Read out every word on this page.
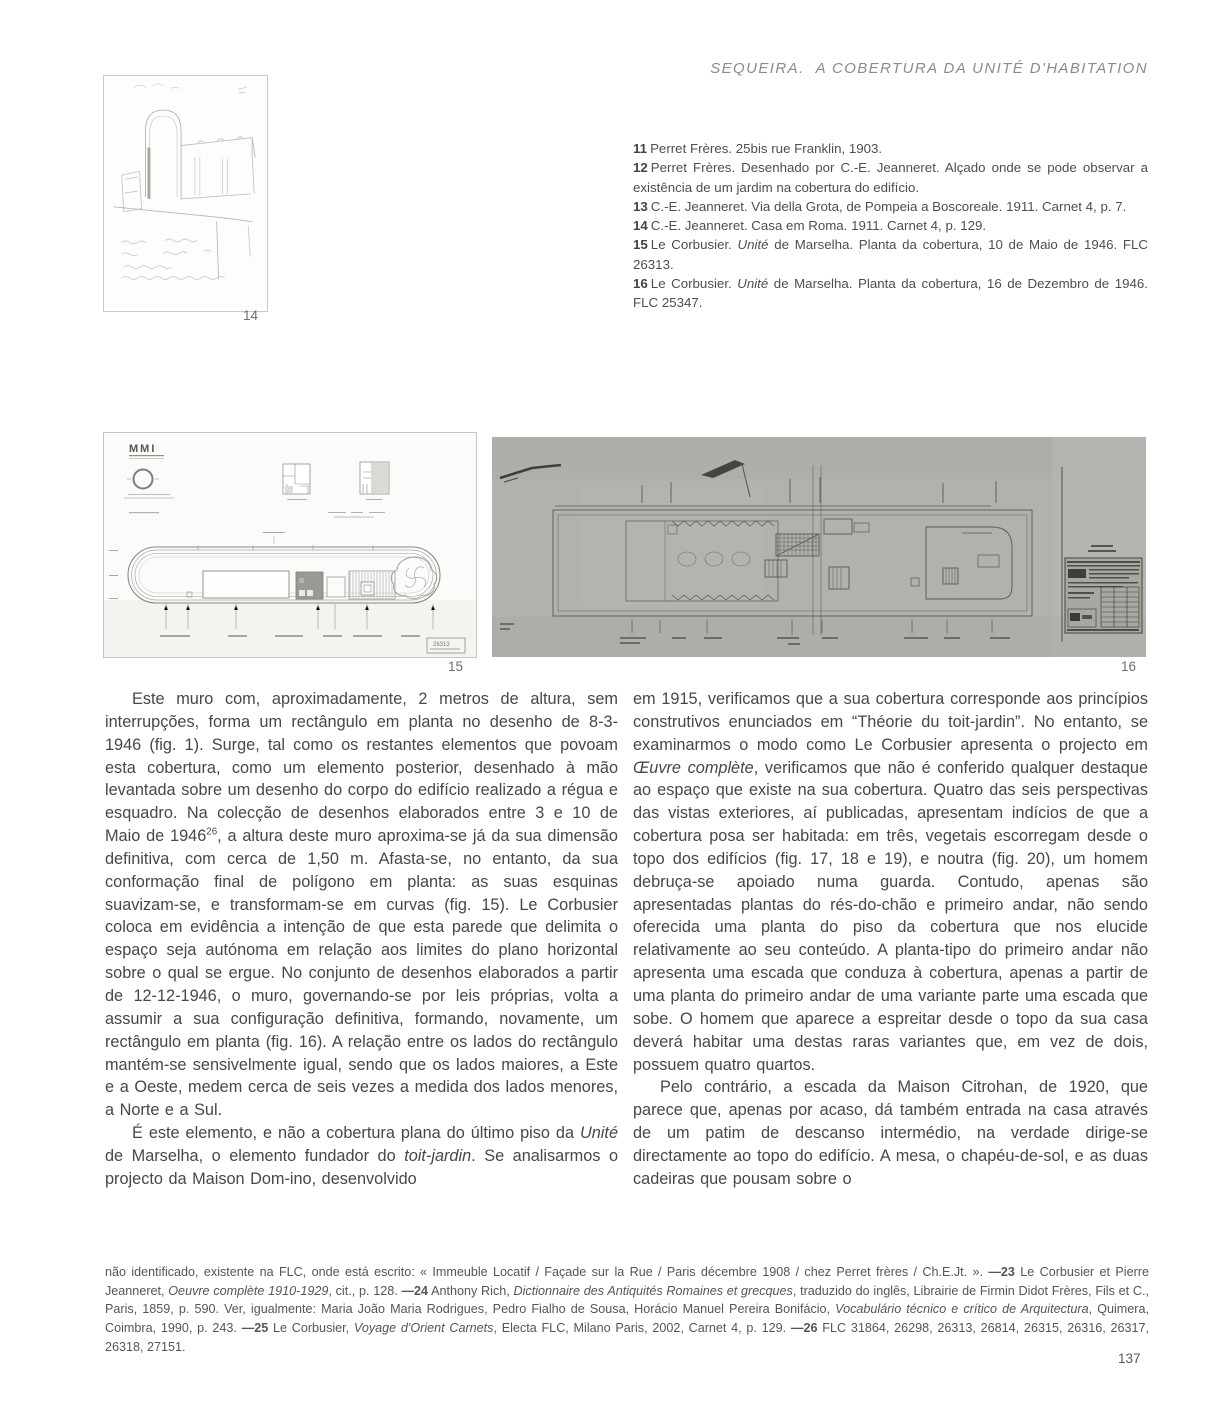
SEQUEIRA. A COBERTURA DA UNITÉ D'HABITATION
14
MMI
26313
15	16
11 Perret Frères. 25bis rue Franklin, 1903.
12 Perret Frères. Desenhado por C.-E. Jeanneret. Alçado onde se pode observar a existência de um jardim na cobertura do edifício.
13 C.-E. Jeanneret. Via della Grota, de Pompeia a Boscoreale. 1911. Carnet 4, p. 7.
14 C.-E. Jeanneret. Casa em Roma. 1911. Carnet 4, p. 129.
15 Le Corbusier. Unité de Marselha. Planta da cobertura, 10 de Maio de 1946. FLC 26313.
16 Le Corbusier. Unité de Marselha. Planta da cobertura, 16 de Dezembro de 1946. FLC 25347.

Este muro com, aproximadamente, 2 metros de altura, sem interrupções, forma um rectângulo em planta no desenho de 8-3-1946 (fig. 1). Surge, tal como os restantes elementos que povoam esta cobertura, como um elemento posterior, desenhado à mão levantada sobre um desenho do corpo do edifício realizado a régua e esquadro. Na colecção de desenhos elaborados entre 3 e 10 de Maio de 1946$^{26}$, a altura deste muro aproxima-se já da sua dimensão definitiva, com cerca de 1,50 m. Afasta-se, no entanto, da sua conformação final de polígono em planta: as suas esquinas suavizam-se, e transformam-se em curvas (fig. 15). Le Corbusier coloca em evidência a intenção de que esta parede que delimita o espaço seja autónoma em relação aos limites do plano horizontal sobre o qual se ergue. No conjunto de desenhos elaborados a partir de 12-12-1946, o muro, governando-se por leis próprias, volta a assumir a sua configuração definitiva, formando, novamente, um rectângulo em planta (fig. 16). A relação entre os lados do rectângulo mantém-se sensivelmente igual, sendo que os lados maiores, a Este e a Oeste, medem cerca de seis vezes a medida dos lados menores, a Norte e a Sul.

É este elemento, e não a cobertura plana do último piso da Unité de Marselha, o elemento fundador do toit-jardin. Se analisarmos o projecto da Maison Dom-ino, desenvolvido

em 1915, verificamos que a sua cobertura corresponde aos princípios construtivos enunciados em “Théorie du toit-jardin”. No entanto, se examinarmos o modo como Le Corbusier apresenta o projecto em Œuvre complète, verificamos que não é conferido qualquer destaque ao espaço que existe na sua cobertura. Quatro das seis perspectivas das vistas exteriores, aí publicadas, apresentam indícios de que a cobertura posa ser habitada: em três, vegetais escorregam desde o topo dos edifícios (fig. 17, 18 e 19), e noutra (fig. 20), um homem debruça-se apoiado numa guarda. Contudo, apenas são apresentadas plantas do rés-do-chão e primeiro andar, não sendo oferecida uma planta do piso da cobertura que nos elucide relativamente ao seu conteúdo. A planta-tipo do primeiro andar não apresenta uma escada que conduza à cobertura, apenas a partir de uma planta do primeiro andar de uma variante parte uma escada que sobe. O homem que aparece a espreitar desde o topo da sua casa deverá habitar uma destas raras variantes que, em vez de dois, possuem quatro quartos.

Pelo contrário, a escada da Maison Citrohan, de 1920, que parece que, apenas por acaso, dá também entrada na casa através de um patim de descanso intermédio, na verdade dirige-se directamente ao topo do edifício. A mesa, o chapéu-de-sol, e as duas cadeiras que pousam sobre o

não identificado, existente na FLC, onde está escrito: « Immeuble Locatif / Façade sur la Rue / Paris décembre 1908 / chez Perret frères / Ch.E.Jt. ». —23 Le Corbusier et Pierre Jeanneret, Oeuvre complète 1910-1929, cit., p. 128. —24 Anthony Rich, Dictionnaire des Antiquités Romaines et grecques, traduzido do inglês, Librairie de Firmin Didot Frères, Fils et C., Paris, 1859, p. 590. Ver, igualmente: Maria João Maria Rodrigues, Pedro Fialho de Sousa, Horácio Manuel Pereira Bonifácio, Vocabulário técnico e crítico de Arquitectura, Quimera, Coimbra, 1990, p. 243. —25 Le Corbusier, Voyage d'Orient Carnets, Electa FLC, Milano Paris, 2002, Carnet 4, p. 129. —26 FLC 31864, 26298, 26313, 26814, 26315, 26316, 26317, 26318, 27151.
137
